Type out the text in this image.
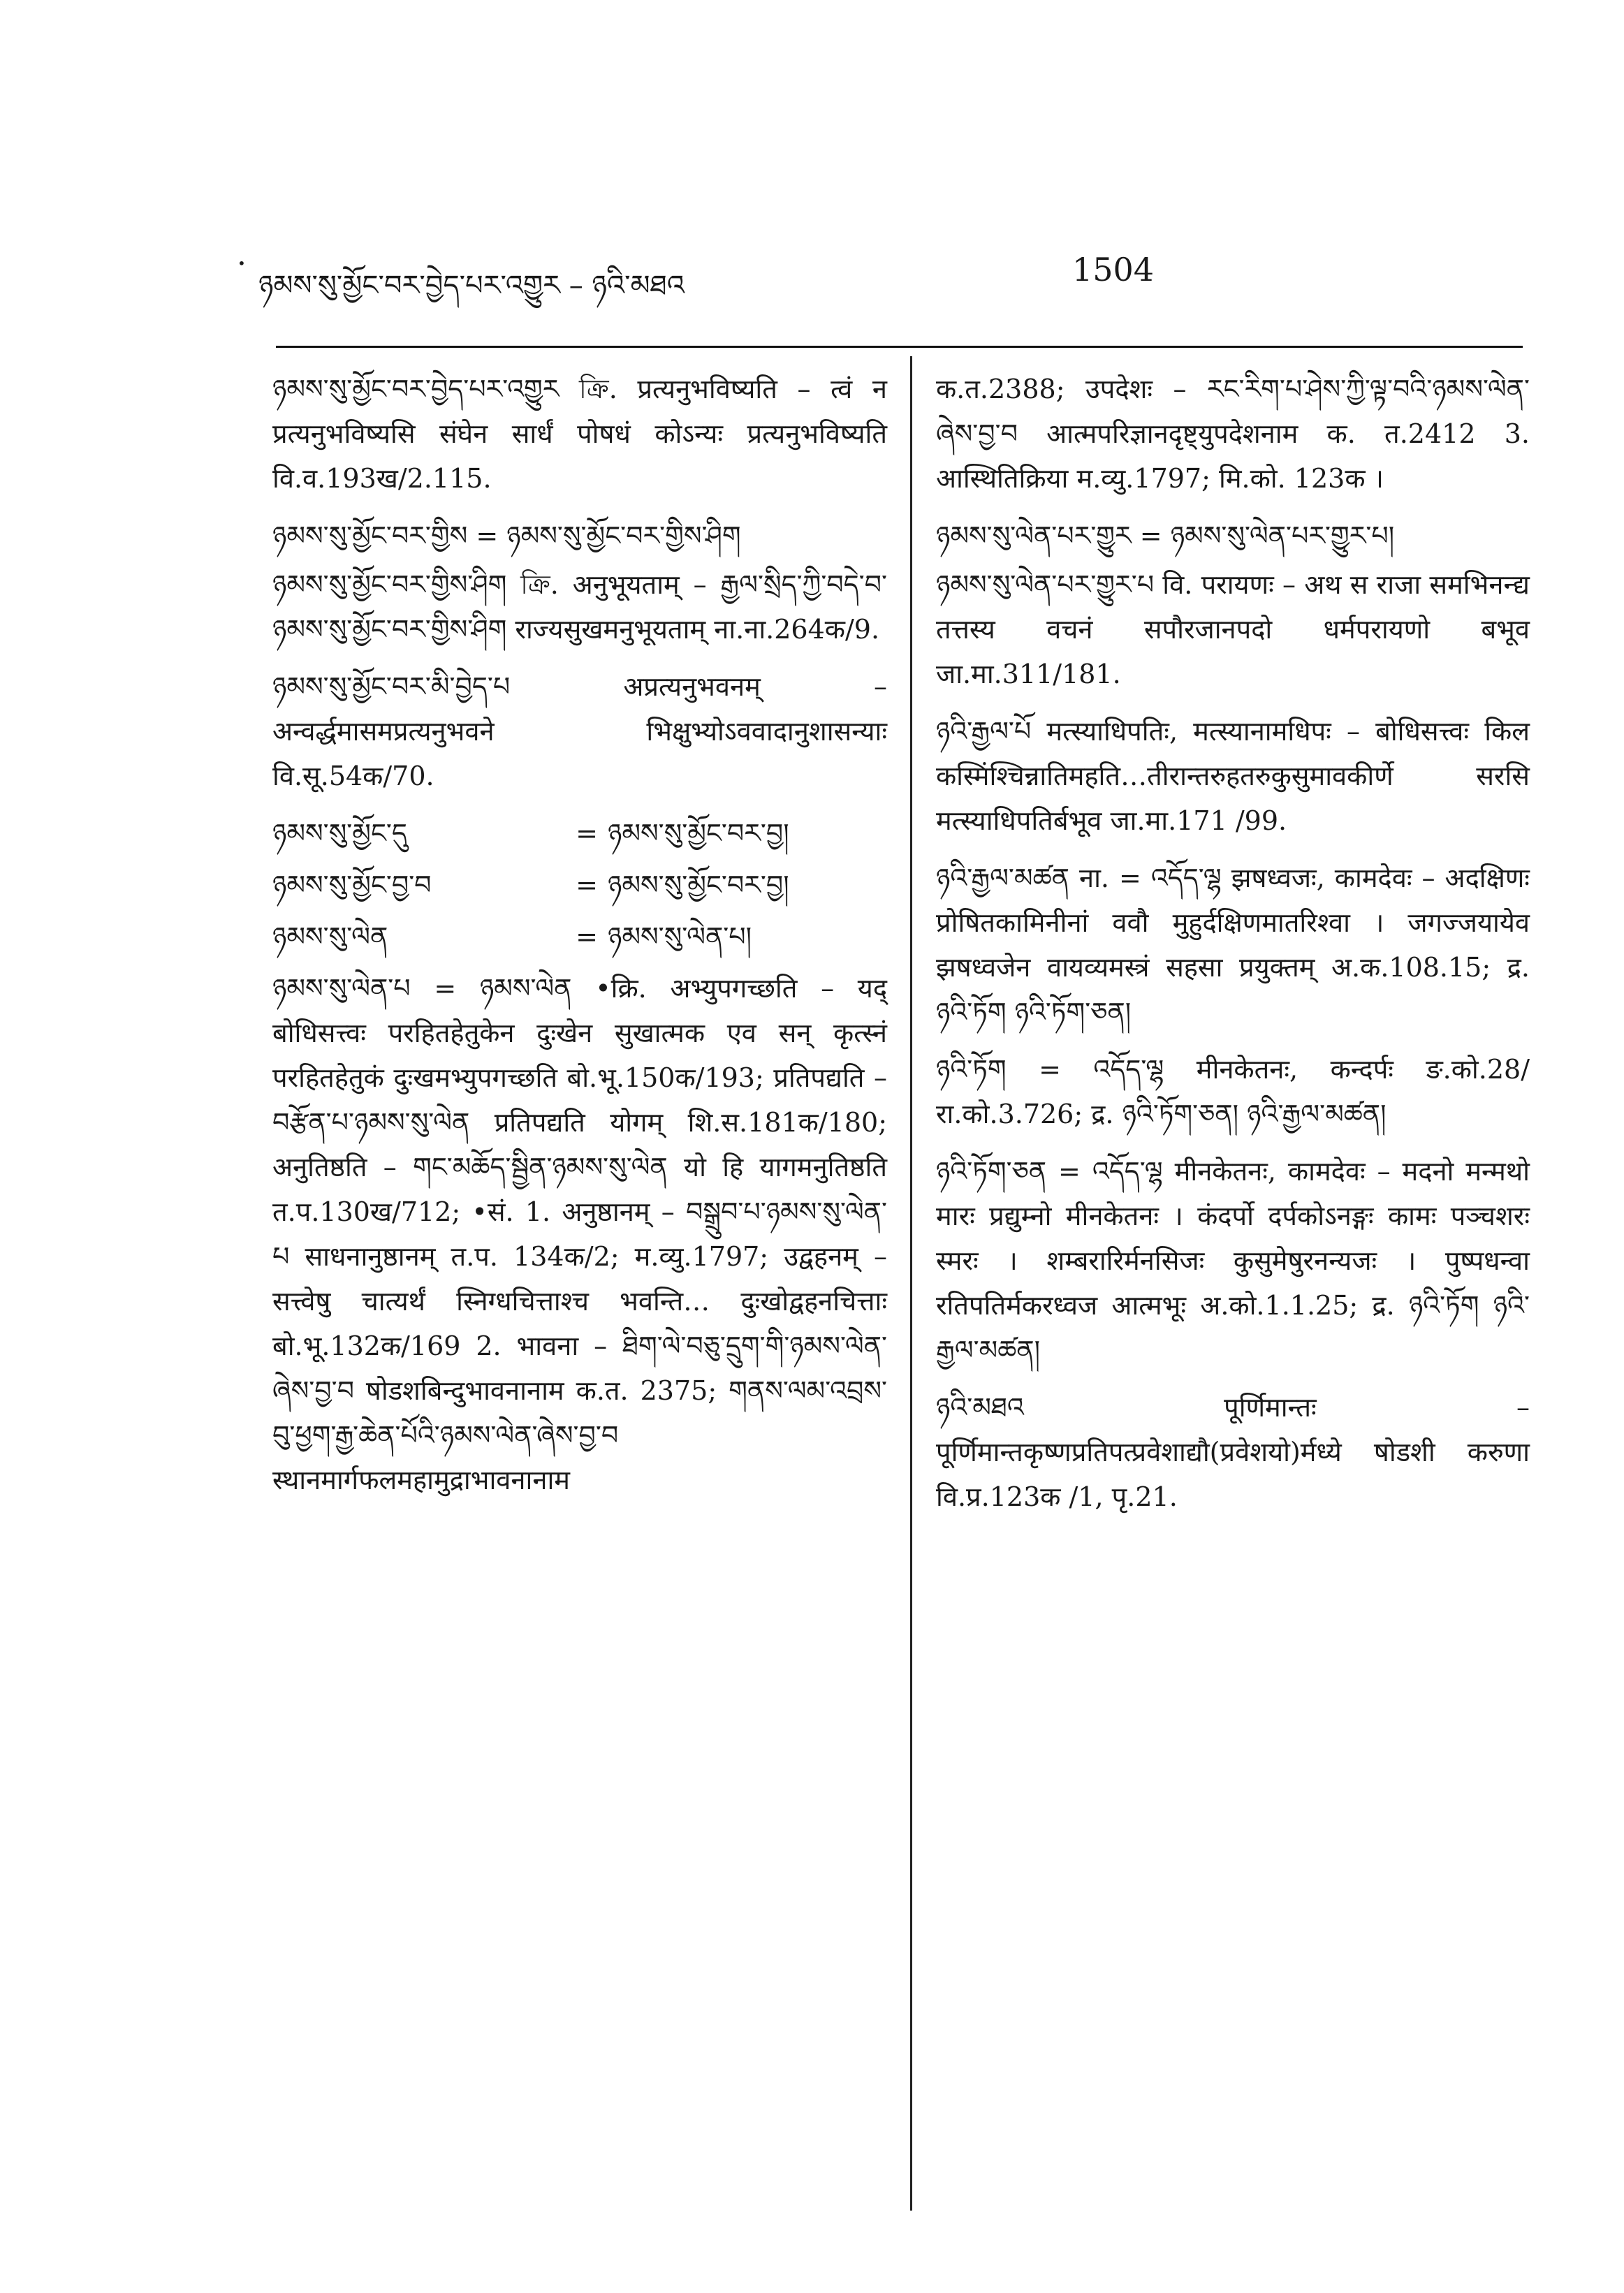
•
ཉམས་སུ་མྱོང་བར་བྱེད་པར་འགྱུར – ཉའི་མཐའ	1504

ཉམས་སུ་མྱོང་བར་བྱེད་པར་འགྱུར ক্রি. प्रत्यनुभविष्यति – त्वं न प्रत्यनुभविष्यसि संघेन सार्धं पोषधं कोऽन्यः प्रत्यनुभविष्यति वि.व.193ख/2.115.

ཉམས་སུ་མྱོང་བར་གྱིས = ཉམས་སུ་མྱོང་བར་གྱིས་ཤིག

ཉམས་སུ་མྱོང་བར་གྱིས་ཤིག ক্রি. अनुभूयताम् – རྒྱལ་སྲིད་ཀྱི་བདེ་བ་ཉམས་སུ་མྱོང་བར་གྱིས་ཤིག राज्यसुखमनुभूयताम् ना.ना.264क/9.

ཉམས་སུ་མྱོང་བར་མི་བྱེད་པ अप्रत्यनुभवनम् – अन्वर्द्धमासमप्रत्यनुभवने भिक्षुभ्योऽववादानुशासन्याः वि.सू.54क/70.

ཉམས་སུ་མྱོང་དུ	= ཉམས་སུ་མྱོང་བར་བྱ།
ཉམས་སུ་མྱོང་བྱ་བ	= ཉམས་སུ་མྱོང་བར་བྱ།
ཉམས་སུ་ལེན	= ཉམས་སུ་ལེན་པ།

ཉམས་སུ་ལེན་པ = ཉམས་ལེན •क्रि. अभ्युपगच्छति – यद् बोधिसत्त्वः परहितहेतुकेन दुःखेन सुखात्मक एव सन् कृत्स्नं परहितहेतुकं दुःखमभ्युपगच्छति बो.भू.150क/193; प्रतिपद्यति – བརྩོན་པ་ཉམས་སུ་ལེན प्रतिपद्यति योगम् शि.स.181क/180; अनुतिष्ठति – གང་མཆོད་སྦྱིན་ཉམས་སུ་ལེན यो हि यागमनुतिष्ठति त.प.130ख/712; •सं. 1. अनुष्ठानम् – བསྒྲུབ་པ་ཉམས་སུ་ལེན་པ साधनानुष्ठानम् त.प. 134क/2; म.व्यु.1797; उद्वहनम् – सत्त्वेषु चात्यर्थं स्निग्धचित्ताश्च भवन्ति… दुःखोद्वहनचित्ताः बो.भू.132क/169 2. भावना – ཐིག་ལེ་བཅུ་དྲུག་གི་ཉམས་ལེན་ཞེས་བྱ་བ षोडशबिन्दुभावनानाम क.त. 2375; གནས་ལམ་འབྲས་བུ་ཕྱག་རྒྱ་ཆེན་པོའི་ཉམས་ལེན་ཞེས་བྱ་བ स्थानमार्गफलमहामुद्राभावनानाम

क.त.2388; उपदेशः – རང་རིག་པ་ཤེས་ཀྱི་ལྟ་བའི་ཉམས་ལེན་ཞེས་བྱ་བ आत्मपरिज्ञानदृष्ट्युपदेशनाम क. त.2412 3. आस्थितिक्रिया म.व्यु.1797; मि.को. 123क ।

ཉམས་སུ་ལེན་པར་གྱུར = ཉམས་སུ་ལེན་པར་གྱུར་པ།

ཉམས་སུ་ལེན་པར་གྱུར་པ वि. परायणः – अथ स राजा समभिनन्द्य तत्तस्य वचनं सपौरजानपदो धर्मपरायणो बभूव जा.मा.311/181.

ཉའི་རྒྱལ་པོ मत्स्याधिपतिः, मत्स्यानामधिपः – बोधिसत्त्वः किल कस्मिंश्चिन्नातिमहति…तीरान्तरुहतरुकुसुमावकीर्णे सरसि मत्स्याधिपतिर्बभूव जा.मा.171 /99.

ཉའི་རྒྱལ་མཚན ना. = འདོད་ལྷ झषध्वजः, कामदेवः – अदक्षिणः प्रोषितकामिनीनां ववौ मुहुर्दक्षिणमातरिश्वा । जगज्जयायेव झषध्वजेन वायव्यमस्त्रं सहसा प्रयुक्तम् अ.क.108.15; द्र. ཉའི་ཏོག ཉའི་ཏོག་ཅན།

ཉའི་ཏོག = འདོད་ལྷ मीनकेतनः, कन्दर्पः ङ.को.28/ रा.को.3.726; द्र. ཉའི་ཏོག་ཅན། ཉའི་རྒྱལ་མཚན།

ཉའི་ཏོག་ཅན = འདོད་ལྷ मीनकेतनः, कामदेवः – मदनो मन्मथो मारः प्रद्युम्नो मीनकेतनः । कंदर्पो दर्पकोऽनङ्गः कामः पञ्चशरः स्मरः । शम्बरारिर्मनसिजः कुसुमेषुरनन्यजः । पुष्पधन्वा रतिपतिर्मकरध्वज आत्मभूः अ.को.1.1.25; द्र. ཉའི་ཏོག ཉའི་རྒྱལ་མཚན།

ཉའི་མཐའ पूर्णिमान्तः – पूर्णिमान्तकृष्णप्रतिपत्प्रवेशाद्यौ(प्रवेशयो)र्मध्ये षोडशी करुणा वि.प्र.123क /1, पृ.21.
